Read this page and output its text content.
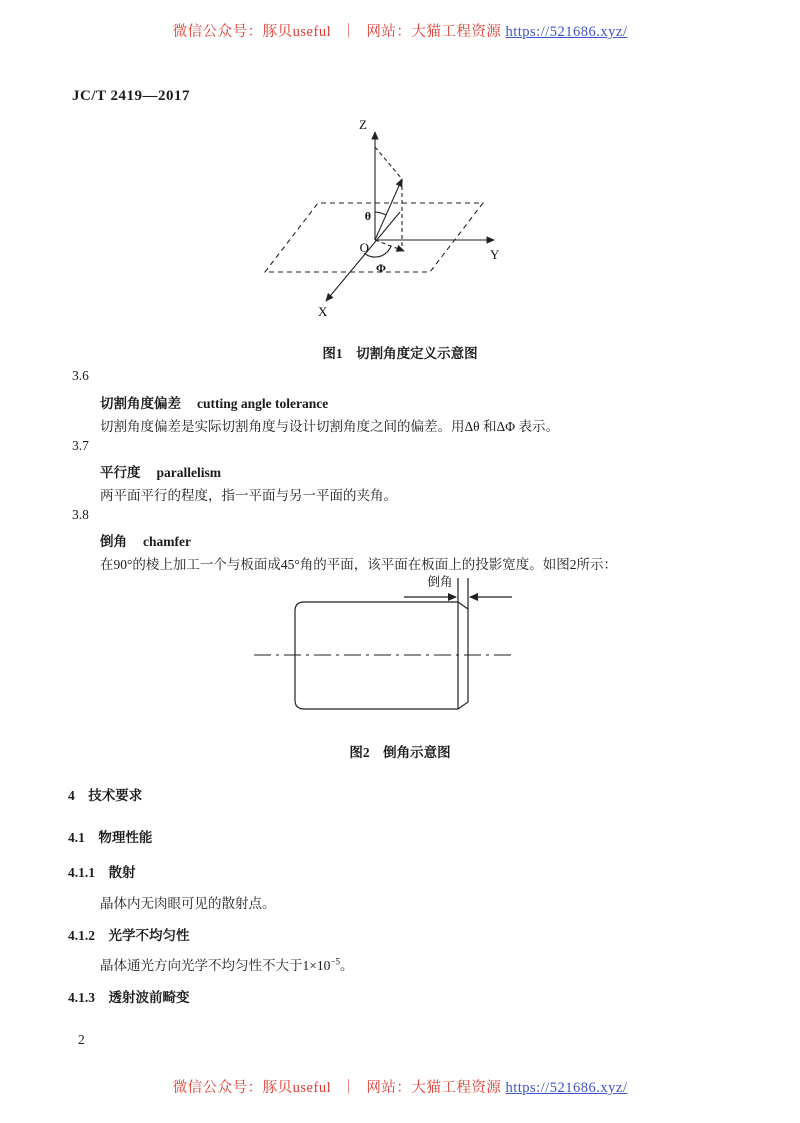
微信公众号：豚贝useful ｜ 网站：大猫工程资源 https://521686.xyz/
JC/T 2419—2017
Z
Y
X
O
θ
Φ
图1　切割角度定义示意图
3.6
切割角度偏差 cutting angle tolerance
切割角度偏差是实际切割角度与设计切割角度之间的偏差。用Δθ 和ΔΦ 表示。
3.7
平行度 parallelism
两平面平行的程度，指一平面与另一平面的夹角。
3.8
倒角 chamfer
在90°的棱上加工一个与板面成45°角的平面，该平面在板面上的投影宽度。如图2所示：
倒角
图2　倒角示意图
4　技术要求
4.1　物理性能
4.1.1　散射
晶体内无肉眼可见的散射点。
4.1.2　光学不均匀性
晶体通光方向光学不均匀性不大于$1\times 10^{-5}$。
4.1.3　透射波前畸变
2
微信公众号：豚贝useful ｜ 网站：大猫工程资源 https://521686.xyz/
